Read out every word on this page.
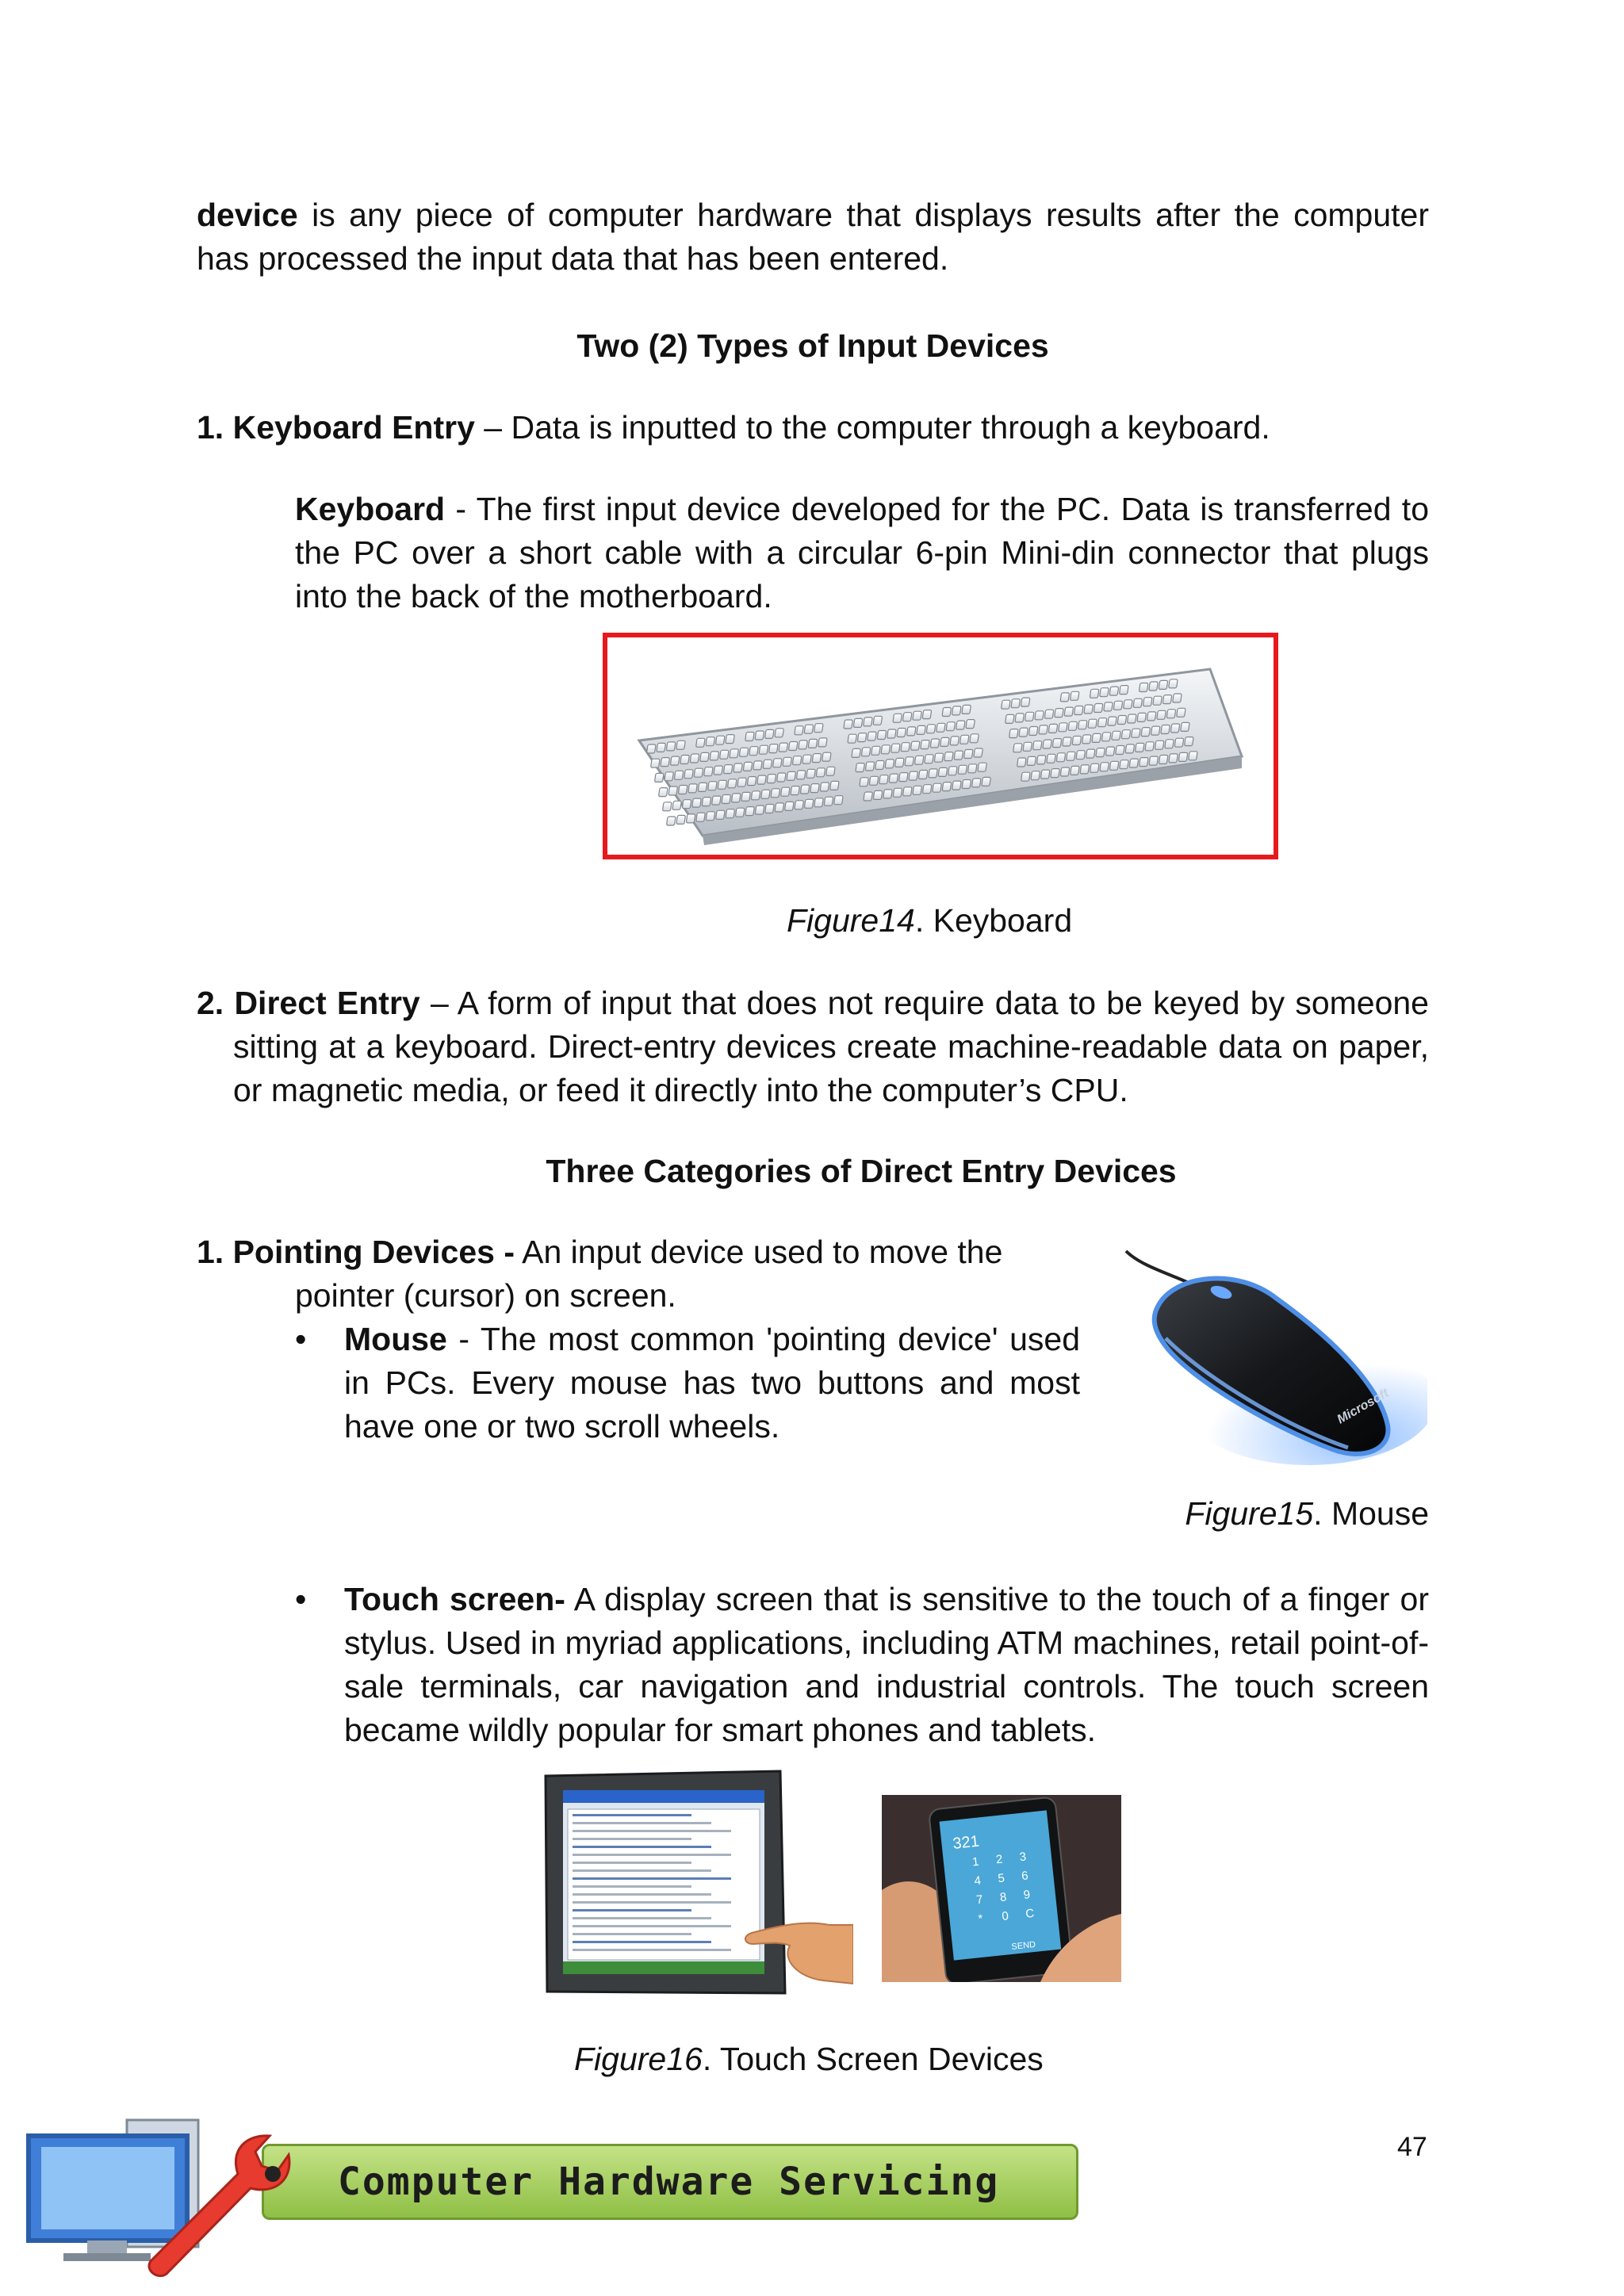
device is any piece of computer hardware that displays results after the computer has processed the input data that has been entered.

Two (2) Types of Input Devices

1. Keyboard Entry – Data is inputted to the computer through a keyboard.

Keyboard - The first input device developed for the PC. Data is transferred to the PC over a short cable with a circular 6-pin Mini-din connector that plugs into the back of the motherboard.

Figure14. Keyboard

2. Direct Entry – A form of input that does not require data to be keyed by someone sitting at a keyboard. Direct-entry devices create machine-readable data on paper, or magnetic media, or feed it directly into the computer’s CPU.

Three Categories of Direct Entry Devices

1. Pointing Devices - An input device used to move the

pointer (cursor) on screen.

• Mouse - The most common 'pointing device' used in PCs. Every mouse has two buttons and most have one or two scroll wheels.	Microsoft

Figure15. Mouse

• Touch screen- A display screen that is sensitive to the touch of a finger or stylus. Used in myriad applications, including ATM machines, retail point-of-sale terminals, car navigation and industrial controls. The touch screen became wildly popular for smart phones and tablets.

321
1 2 3
4 5 6
7 8 9
* 0 C
SEND

Figure16. Touch Screen Devices

47

Computer Hardware Servicing
